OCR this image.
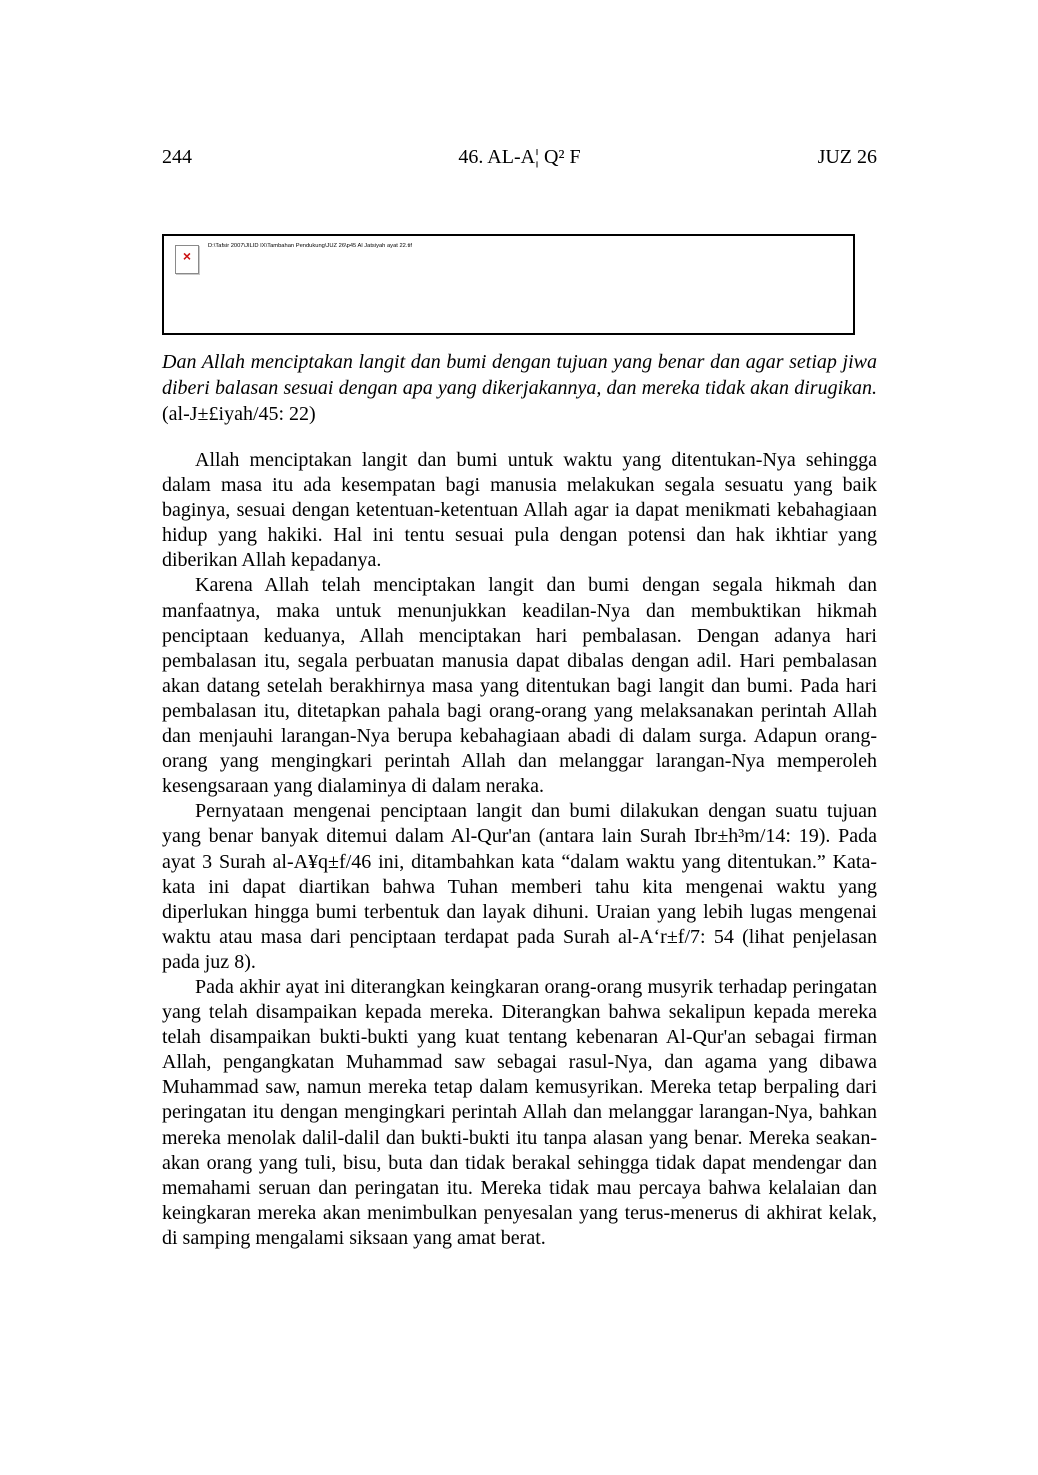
244	46. AL-A¦ Q² F	JUZ 26
×
D:\Tafsir 2007\JILID IX\Tambahan Pendukung\JUZ 26\p45 Al Jatsiyah ayat 22.tif

Dan Allah menciptakan langit dan bumi dengan tujuan yang benar dan agar setiap jiwa diberi balasan sesuai dengan apa yang dikerjakannya, dan mereka tidak akan dirugikan. (al-J±£iyah/45: 22)

Allah menciptakan langit dan bumi untuk waktu yang ditentukan-Nya sehingga dalam masa itu ada kesempatan bagi manusia melakukan segala sesuatu yang baik baginya, sesuai dengan ketentuan-ketentuan Allah agar ia dapat menikmati kebahagiaan hidup yang hakiki. Hal ini tentu sesuai pula dengan potensi dan hak ikhtiar yang diberikan Allah kepadanya.

Karena Allah telah menciptakan langit dan bumi dengan segala hikmah dan manfaatnya, maka untuk menunjukkan keadilan-Nya dan membuktikan hikmah penciptaan keduanya, Allah menciptakan hari pembalasan. Dengan adanya hari pembalasan itu, segala perbuatan manusia dapat dibalas dengan adil. Hari pembalasan akan datang setelah berakhirnya masa yang ditentukan bagi langit dan bumi. Pada hari pembalasan itu, ditetapkan pahala bagi orang-orang yang melaksanakan perintah Allah dan menjauhi larangan-Nya berupa kebahagiaan abadi di dalam surga. Adapun orang-orang yang mengingkari perintah Allah dan melanggar larangan-Nya memperoleh kesengsaraan yang dialaminya di dalam neraka.

Pernyataan mengenai penciptaan langit dan bumi dilakukan dengan suatu tujuan yang benar banyak ditemui dalam Al-Qur'an (antara lain Surah Ibr±h³m/14: 19). Pada ayat 3 Surah al-A¥q±f/46 ini, ditambahkan kata “dalam waktu yang ditentukan.” Kata-kata ini dapat diartikan bahwa Tuhan memberi tahu kita mengenai waktu yang diperlukan hingga bumi terbentuk dan layak dihuni. Uraian yang lebih lugas mengenai waktu atau masa dari penciptaan terdapat pada Surah al-A‘r±f/7: 54 (lihat penjelasan pada juz 8).

Pada akhir ayat ini diterangkan keingkaran orang-orang musyrik terhadap peringatan yang telah disampaikan kepada mereka. Diterangkan bahwa sekalipun kepada mereka telah disampaikan bukti-bukti yang kuat tentang kebenaran Al-Qur'an sebagai firman Allah, pengangkatan Muhammad saw sebagai rasul-Nya, dan agama yang dibawa Muhammad saw, namun mereka tetap dalam kemusyrikan. Mereka tetap berpaling dari peringatan itu dengan mengingkari perintah Allah dan melanggar larangan-Nya, bahkan mereka menolak dalil-dalil dan bukti-bukti itu tanpa alasan yang benar. Mereka seakan-akan orang yang tuli, bisu, buta dan tidak berakal sehingga tidak dapat mendengar dan memahami seruan dan peringatan itu. Mereka tidak mau percaya bahwa kelalaian dan keingkaran mereka akan menimbulkan penyesalan yang terus-menerus di akhirat kelak, di samping mengalami siksaan yang amat berat.
